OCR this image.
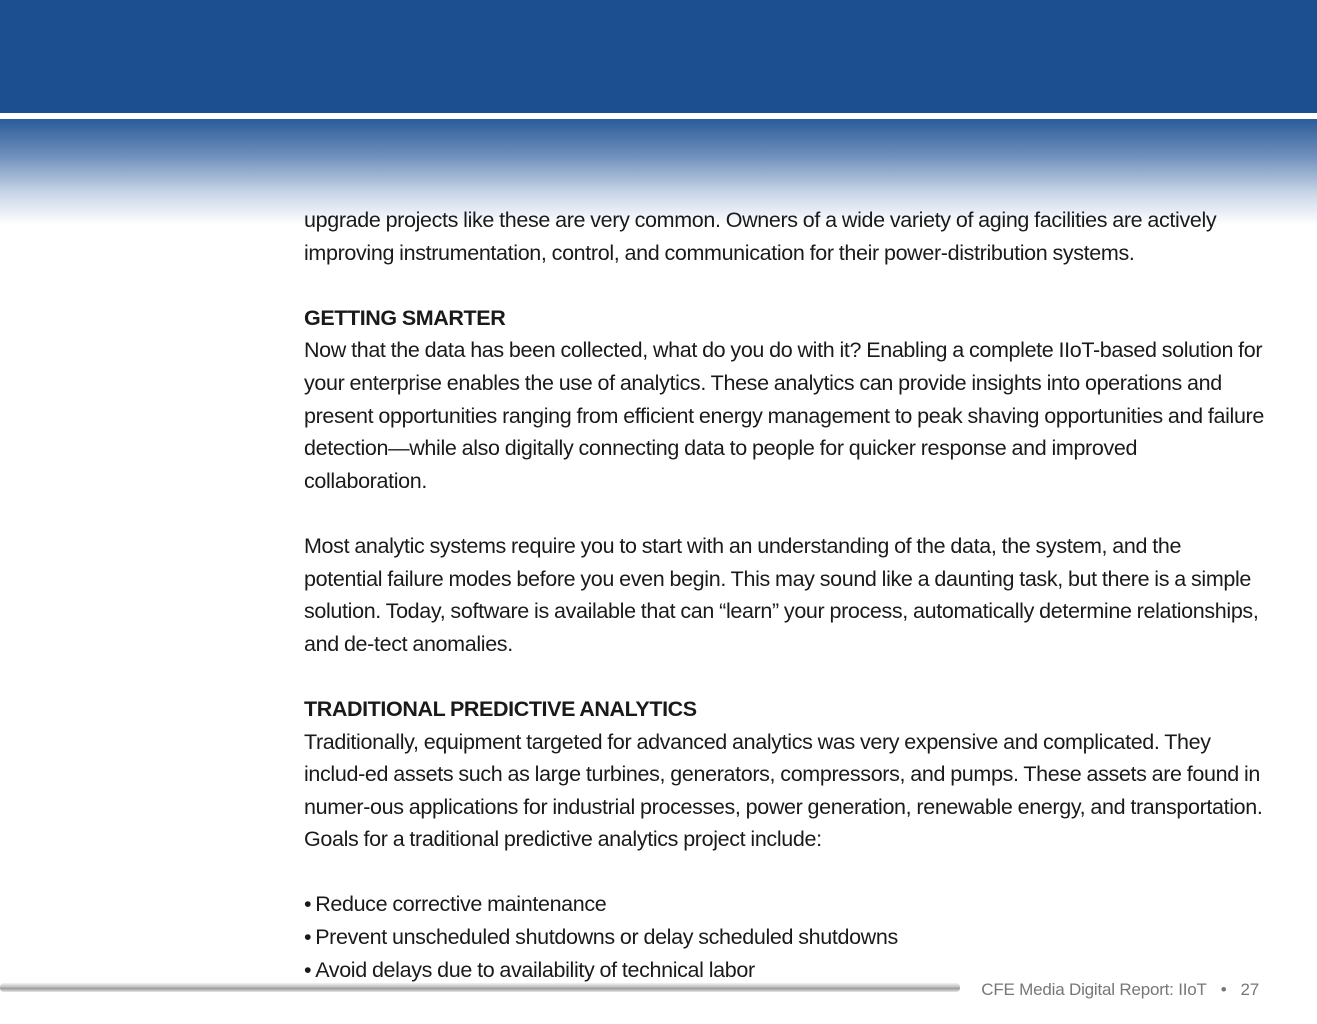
upgrade projects like these are very common. Owners of a wide variety of aging facilities are actively improving instrumentation, control, and communication for their power-distribution systems.

GETTING SMARTER

Now that the data has been collected, what do you do with it? Enabling a complete IIoT-based solution for your enterprise enables the use of analytics. These analytics can provide insights into operations and present opportunities ranging from efficient energy management to peak shaving opportunities and failure detection—while also digitally connecting data to people for quicker response and improved collaboration.

Most analytic systems require you to start with an understanding of the data, the system, and the potential failure modes before you even begin. This may sound like a daunting task, but there is a simple solution. Today, software is available that can “learn” your process, automatically determine relationships, and de-tect anomalies.

TRADITIONAL PREDICTIVE ANALYTICS

Traditionally, equipment targeted for advanced analytics was very expensive and complicated. They includ-ed assets such as large turbines, generators, compressors, and pumps. These assets are found in numer-ous applications for industrial processes, power generation, renewable energy, and transportation. Goals for a traditional predictive analytics project include:

• Reduce corrective maintenance
• Prevent unscheduled shutdowns or delay scheduled shutdowns
• Avoid delays due to availability of technical labor
CFE Media Digital Report: IIoT • 27
